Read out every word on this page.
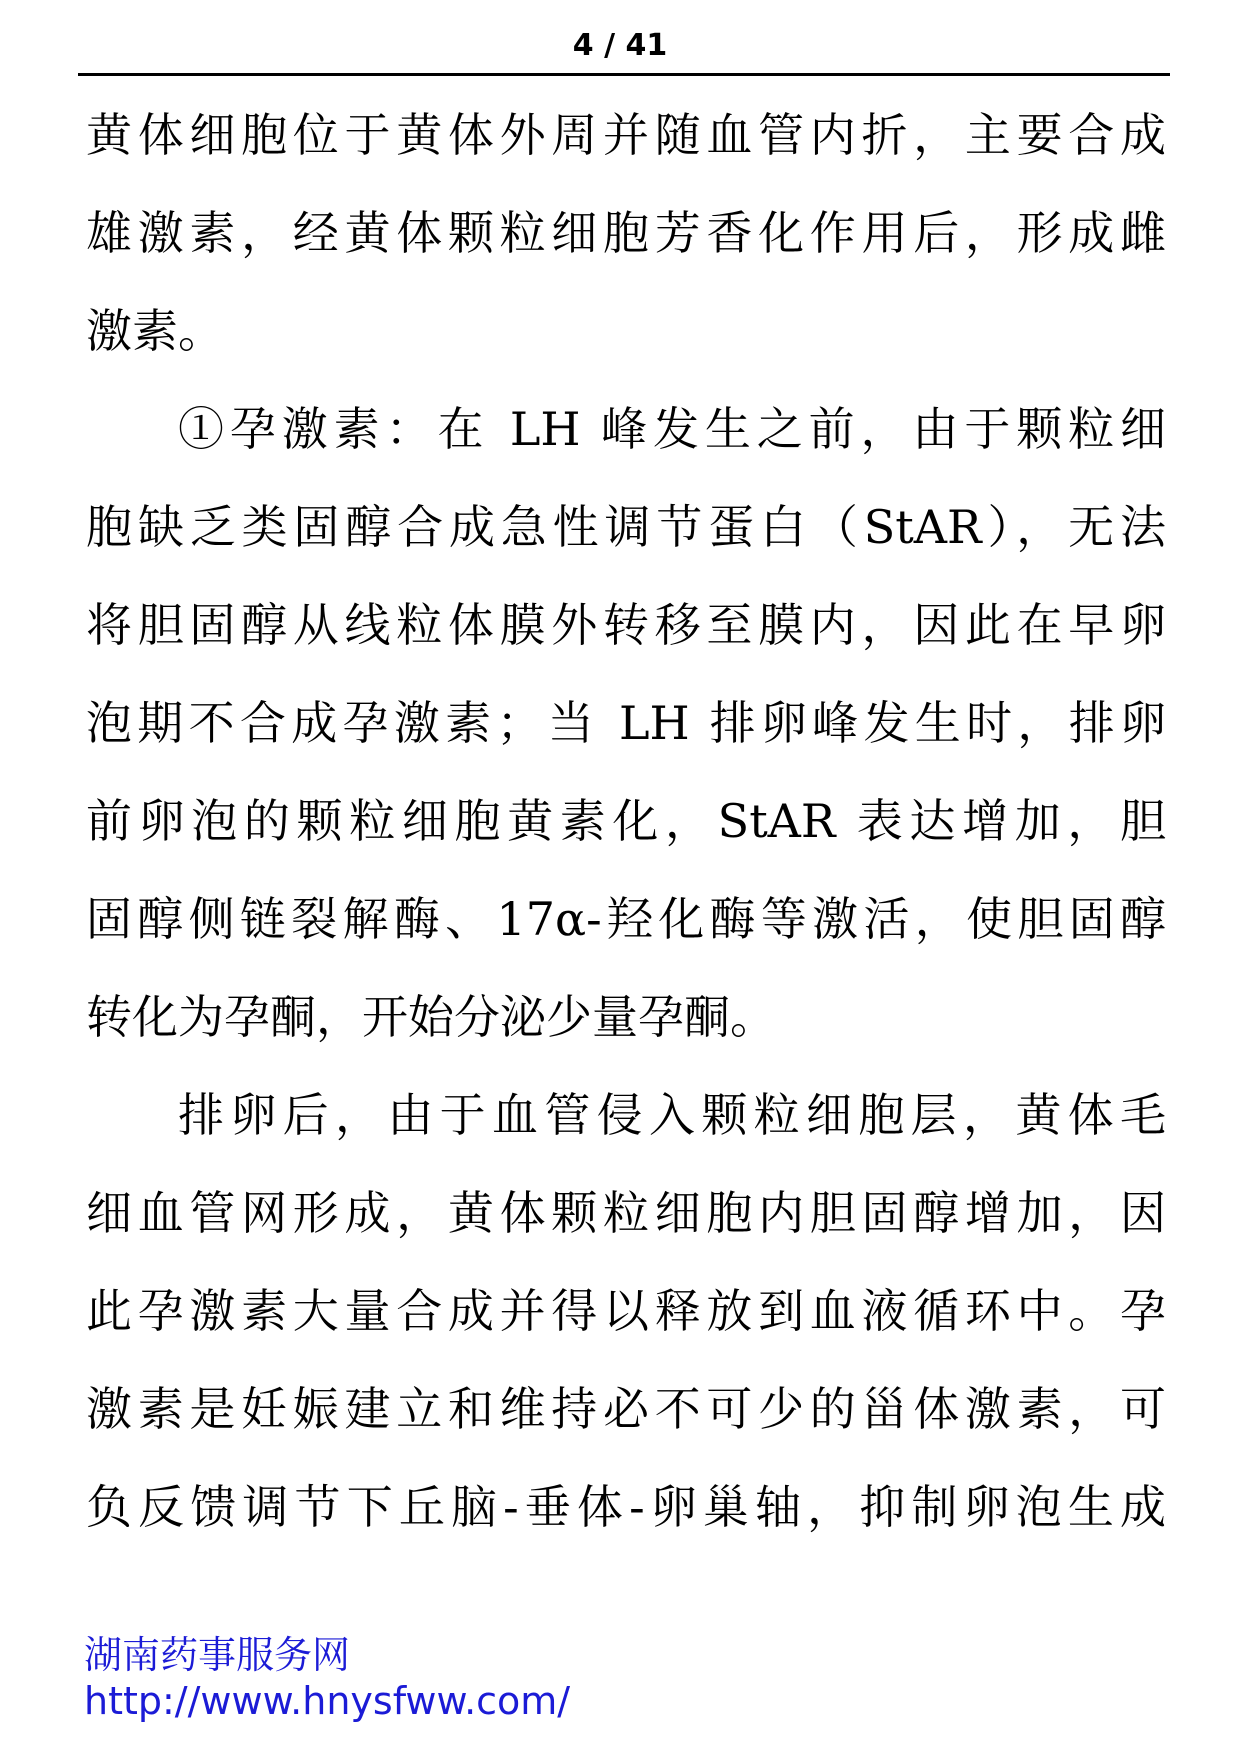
4 / 41

黄体细胞位于黄体外周并随血管内折，主要合成
雄激素，经黄体颗粒细胞芳香化作用后，形成雌
激素。

①孕激素：在 LH 峰发生之前，由于颗粒细
胞缺乏类固醇合成急性调节蛋白（StAR），无法
将胆固醇从线粒体膜外转移至膜内，因此在早卵
泡期不合成孕激素；当 LH 排卵峰发生时，排卵
前卵泡的颗粒细胞黄素化，StAR 表达增加，胆
固醇侧链裂解酶、17α-羟化酶等激活，使胆固醇
转化为孕酮，开始分泌少量孕酮。

排卵后，由于血管侵入颗粒细胞层，黄体毛
细血管网形成，黄体颗粒细胞内胆固醇增加，因
此孕激素大量合成并得以释放到血液循环中。孕
激素是妊娠建立和维持必不可少的甾体激素，可
负反馈调节下丘脑-垂体-卵巢轴，抑制卵泡生成

湖南药事服务网
http://www.hnysfww.com/
